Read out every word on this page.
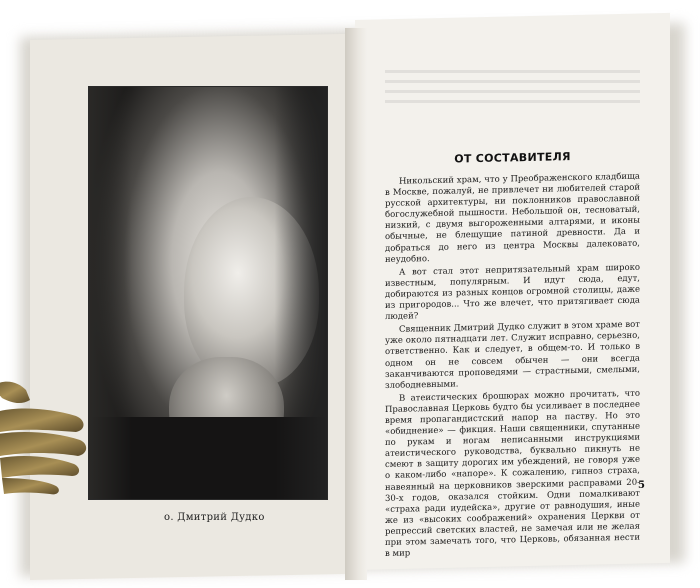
о. Дмитрий Дудко
ОТ СОСТАВИТЕЛЯ

Никольский храм, что у Преображенского кладбища в Москве, пожалуй, не привлечет ни любителей старой русской архитектуры, ни поклонников православной богослужебной пышности. Небольшой он, тесноватый, низкий, с двумя выгороженными алтарями, и иконы обычные, не блещущие патиной древности. Да и добраться до него из центра Москвы далековато, неудобно.

А вот стал этот непритязательный храм широко известным, популярным. И идут сюда, едут, добираются из разных концов огромной столицы, даже из пригородов... Что же влечет, что притягивает сюда людей?

Священник Дмитрий Дудко служит в этом храме вот уже около пятнадцати лет. Служит исправно, серьезно, ответственно. Как и следует, в общем-то. И только в одном он не совсем обычен — они всегда заканчиваются проповедями — страстными, смелыми, злободневными.

В атеистических брошюрах можно прочитать, что Православная Церковь будто бы усиливает в последнее время пропагандистский напор на паству. Но это «обиднение» — фикция. Наши священники, спутанные по рукам и ногам неписанными инструкциями атеистического руководства, буквально пикнуть не смеют в защиту дорогих им убеждений, не говоря уже о каком-либо «напоре». К сожалению, гипноз страха, навеянный на церковников зверскими расправами 20-30-х годов, оказался стойким. Одни помалкивают «страха ради иудейска», другие от равнодушия, иные же из «высоких соображений» охранения Церкви от репрессий светских властей, не замечая или не желая при этом замечать того, что Церковь, обязанная нести в мир

5
